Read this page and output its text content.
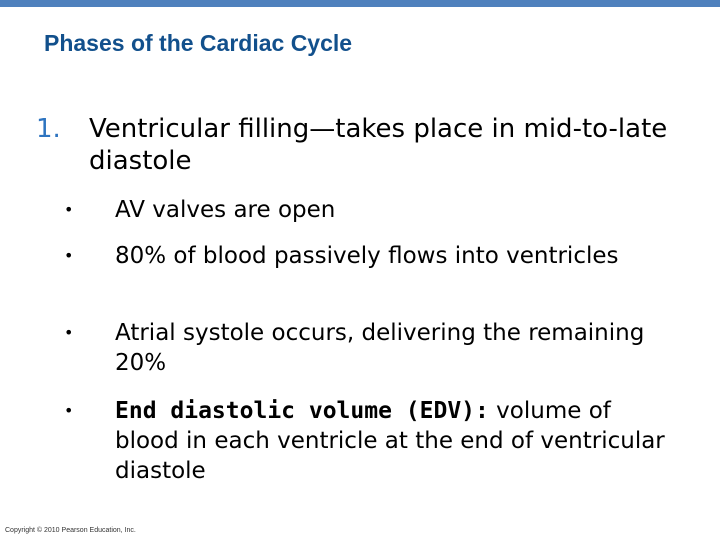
Phases of the Cardiac Cycle
1. Ventricular filling—takes place in mid-to-late diastole
• AV valves are open
• 80% of blood passively flows into ventricles
• Atrial systole occurs, delivering the remaining 20%
• End diastolic volume (EDV): volume of blood in each ventricle at the end of ventricular diastole
Copyright © 2010 Pearson Education, Inc.
